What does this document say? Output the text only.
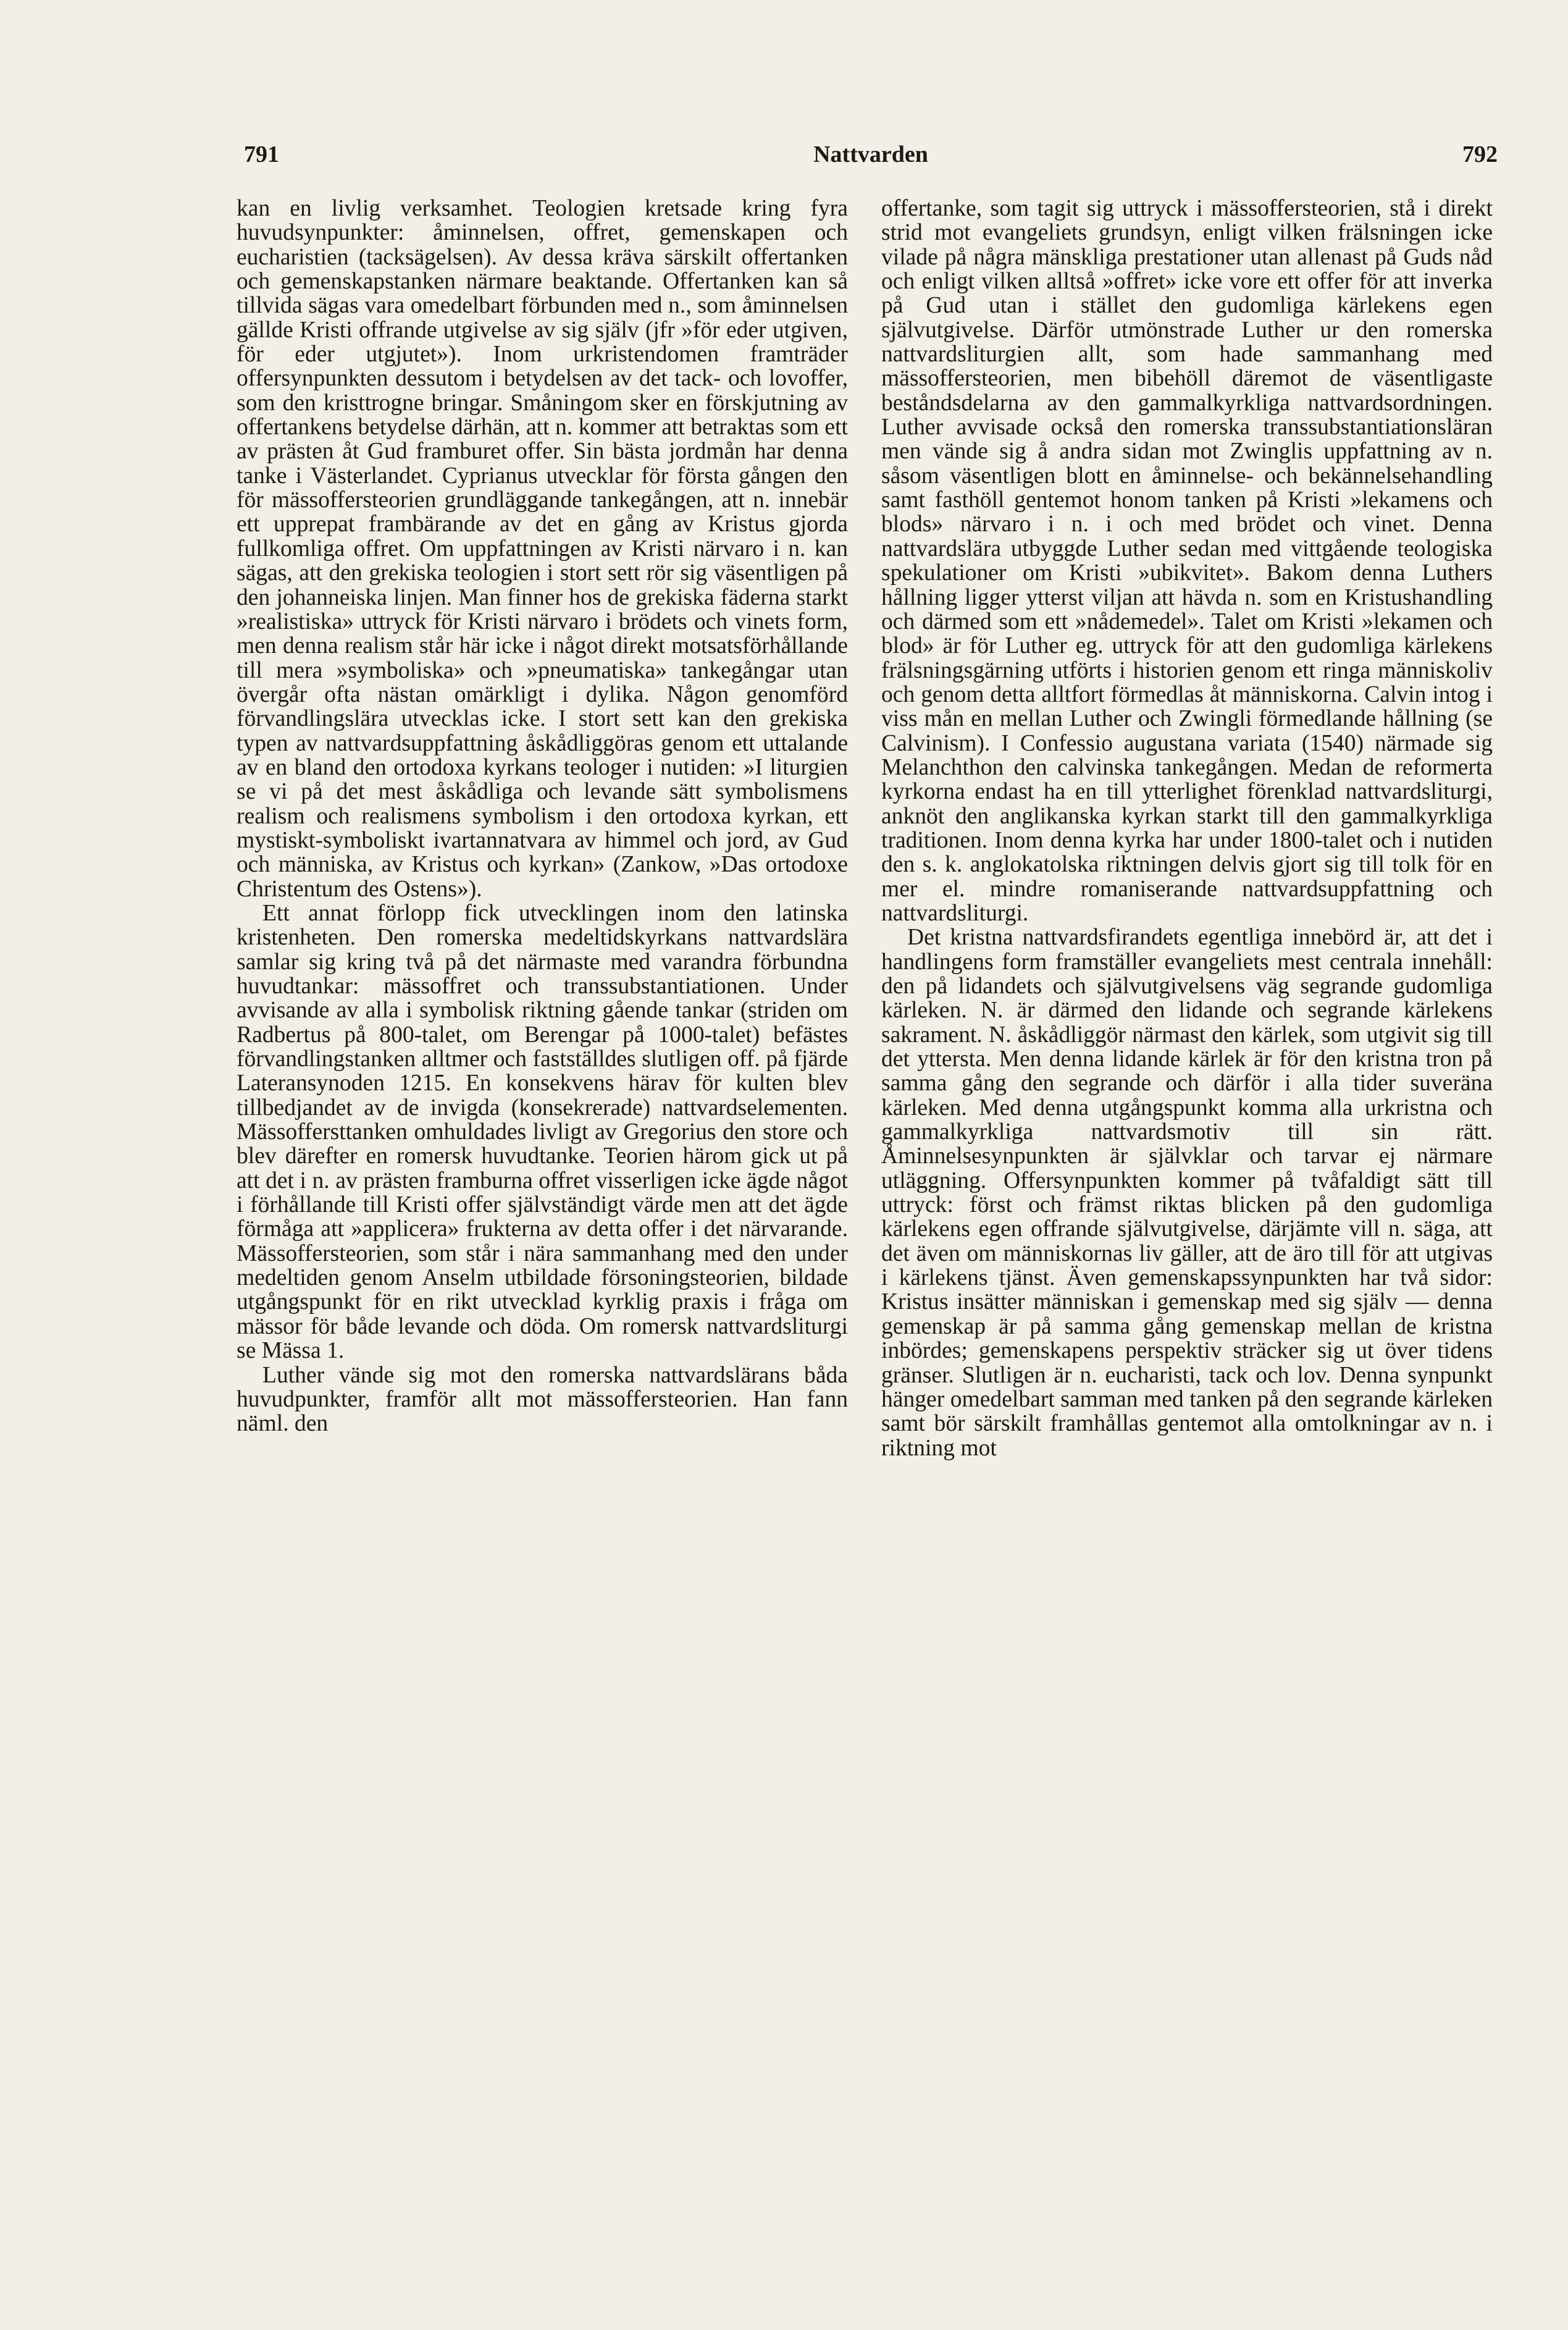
791	Nattvarden	792

kan en livlig verksamhet. Teologien kretsade kring fyra huvudsynpunkter: åminnelsen, offret, gemenskapen och eucharistien (tacksägelsen). Av dessa kräva särskilt offertanken och gemenskapstanken närmare beaktande. Offertanken kan så tillvida sägas vara omedelbart förbunden med n., som åminnelsen gällde Kristi offrande utgivelse av sig själv (jfr »för eder utgiven, för eder utgjutet»). Inom urkristendomen framträder offersynpunkten dessutom i betydelsen av det tack- och lovoffer, som den kristtrogne bringar. Småningom sker en förskjutning av offertankens betydelse därhän, att n. kommer att betraktas som ett av prästen åt Gud framburet offer. Sin bästa jordmån har denna tanke i Västerlandet. Cyprianus utvecklar för första gången den för mässoffersteorien grundläggande tankegången, att n. innebär ett upprepat frambärande av det en gång av Kristus gjorda fullkomliga offret. Om uppfattningen av Kristi närvaro i n. kan sägas, att den grekiska teologien i stort sett rör sig väsentligen på den johanneiska linjen. Man finner hos de grekiska fäderna starkt »realistiska» uttryck för Kristi närvaro i brödets och vinets form, men denna realism står här icke i något direkt motsatsförhållande till mera »symboliska» och »pneumatiska» tankegångar utan övergår ofta nästan omärkligt i dylika. Någon genomförd förvandlingslära utvecklas icke. I stort sett kan den grekiska typen av nattvardsuppfattning åskådliggöras genom ett uttalande av en bland den ortodoxa kyrkans teologer i nutiden: »I liturgien se vi på det mest åskådliga och levande sätt symbolismens realism och realismens symbolism i den ortodoxa kyrkan, ett mystiskt-symboliskt ivartannatvara av himmel och jord, av Gud och människa, av Kristus och kyrkan» (Zankow, »Das ortodoxe Christentum des Ostens»).

Ett annat förlopp fick utvecklingen inom den latinska kristenheten. Den romerska medeltidskyrkans nattvardslära samlar sig kring två på det närmaste med varandra förbundna huvudtankar: mässoffret och transsubstantiationen. Under avvisande av alla i symbolisk riktning gående tankar (striden om Radbertus på 800-talet, om Berengar på 1000-talet) befästes förvandlingstanken alltmer och fastställdes slutligen off. på fjärde Lateransynoden 1215. En konsekvens härav för kulten blev tillbedjandet av de invigda (konsekrerade) nattvardselementen. Mässoffersttanken omhuldades livligt av Gregorius den store och blev därefter en romersk huvudtanke. Teorien härom gick ut på att det i n. av prästen framburna offret visserligen icke ägde något i förhållande till Kristi offer självständigt värde men att det ägde förmåga att »applicera» frukterna av detta offer i det närvarande. Mässoffersteorien, som står i nära sammanhang med den under medeltiden genom Anselm utbildade försoningsteorien, bildade utgångspunkt för en rikt utvecklad kyrklig praxis i fråga om mässor för både levande och döda. Om romersk nattvardsliturgi se Mässa 1.

Luther vände sig mot den romerska nattvardslärans båda huvudpunkter, framför allt mot mässoffersteorien. Han fann näml. den

offertanke, som tagit sig uttryck i mässoffersteorien, stå i direkt strid mot evangeliets grundsyn, enligt vilken frälsningen icke vilade på några mänskliga prestationer utan allenast på Guds nåd och enligt vilken alltså »offret» icke vore ett offer för att inverka på Gud utan i stället den gudomliga kärlekens egen självutgivelse. Därför utmönstrade Luther ur den romerska nattvardsliturgien allt, som hade sammanhang med mässoffersteorien, men bibehöll däremot de väsentligaste beståndsdelarna av den gammalkyrkliga nattvardsordningen. Luther avvisade också den romerska transsubstantiationsläran men vände sig å andra sidan mot Zwinglis uppfattning av n. såsom väsentligen blott en åminnelse- och bekännelsehandling samt fasthöll gentemot honom tanken på Kristi »lekamens och blods» närvaro i n. i och med brödet och vinet. Denna nattvardslära utbyggde Luther sedan med vittgående teologiska spekulationer om Kristi »ubikvitet». Bakom denna Luthers hållning ligger ytterst viljan att hävda n. som en Kristushandling och därmed som ett »nådemedel». Talet om Kristi »lekamen och blod» är för Luther eg. uttryck för att den gudomliga kärlekens frälsningsgärning utförts i historien genom ett ringa människoliv och genom detta alltfort förmedlas åt människorna. Calvin intog i viss mån en mellan Luther och Zwingli förmedlande hållning (se Calvinism). I Confessio augustana variata (1540) närmade sig Melanchthon den calvinska tankegången. Medan de reformerta kyrkorna endast ha en till ytterlighet förenklad nattvardsliturgi, anknöt den anglikanska kyrkan starkt till den gammalkyrkliga traditionen. Inom denna kyrka har under 1800-talet och i nutiden den s. k. anglokatolska riktningen delvis gjort sig till tolk för en mer el. mindre romaniserande nattvardsuppfattning och nattvardsliturgi.

Det kristna nattvardsfirandets egentliga innebörd är, att det i handlingens form framställer evangeliets mest centrala innehåll: den på lidandets och självutgivelsens väg segrande gudomliga kärleken. N. är därmed den lidande och segrande kärlekens sakrament. N. åskådliggör närmast den kärlek, som utgivit sig till det yttersta. Men denna lidande kärlek är för den kristna tron på samma gång den segrande och därför i alla tider suveräna kärleken. Med denna utgångspunkt komma alla urkristna och gammalkyrkliga nattvardsmotiv till sin rätt. Åminnelsesynpunkten är självklar och tarvar ej närmare utläggning. Offersynpunkten kommer på tvåfaldigt sätt till uttryck: först och främst riktas blicken på den gudomliga kärlekens egen offrande självutgivelse, därjämte vill n. säga, att det även om människornas liv gäller, att de äro till för att utgivas i kärlekens tjänst. Även gemenskapssynpunkten har två sidor: Kristus insätter människan i gemenskap med sig själv — denna gemenskap är på samma gång gemenskap mellan de kristna inbördes; gemenskapens perspektiv sträcker sig ut över tidens gränser. Slutligen är n. eucharisti, tack och lov. Denna synpunkt hänger omedelbart samman med tanken på den segrande kärleken samt bör särskilt framhållas gentemot alla omtolkningar av n. i riktning mot
